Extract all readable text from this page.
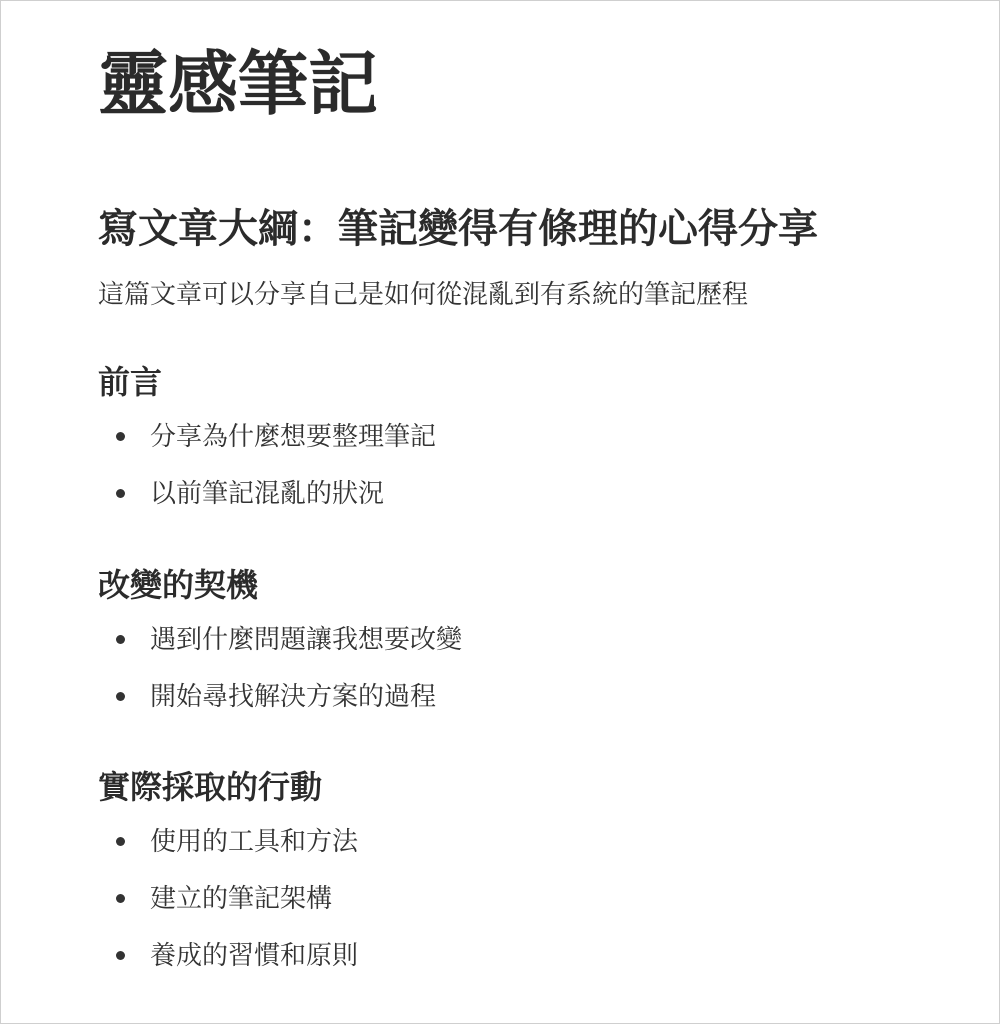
靈感筆記
寫文章大綱：筆記變得有條理的心得分享

這篇文章可以分享自己是如何從混亂到有系統的筆記歷程

前言
分享為什麼想要整理筆記
以前筆記混亂的狀況
改變的契機
遇到什麼問題讓我想要改變
開始尋找解決方案的過程
實際採取的行動
使用的工具和方法
建立的筆記架構
養成的習慣和原則
